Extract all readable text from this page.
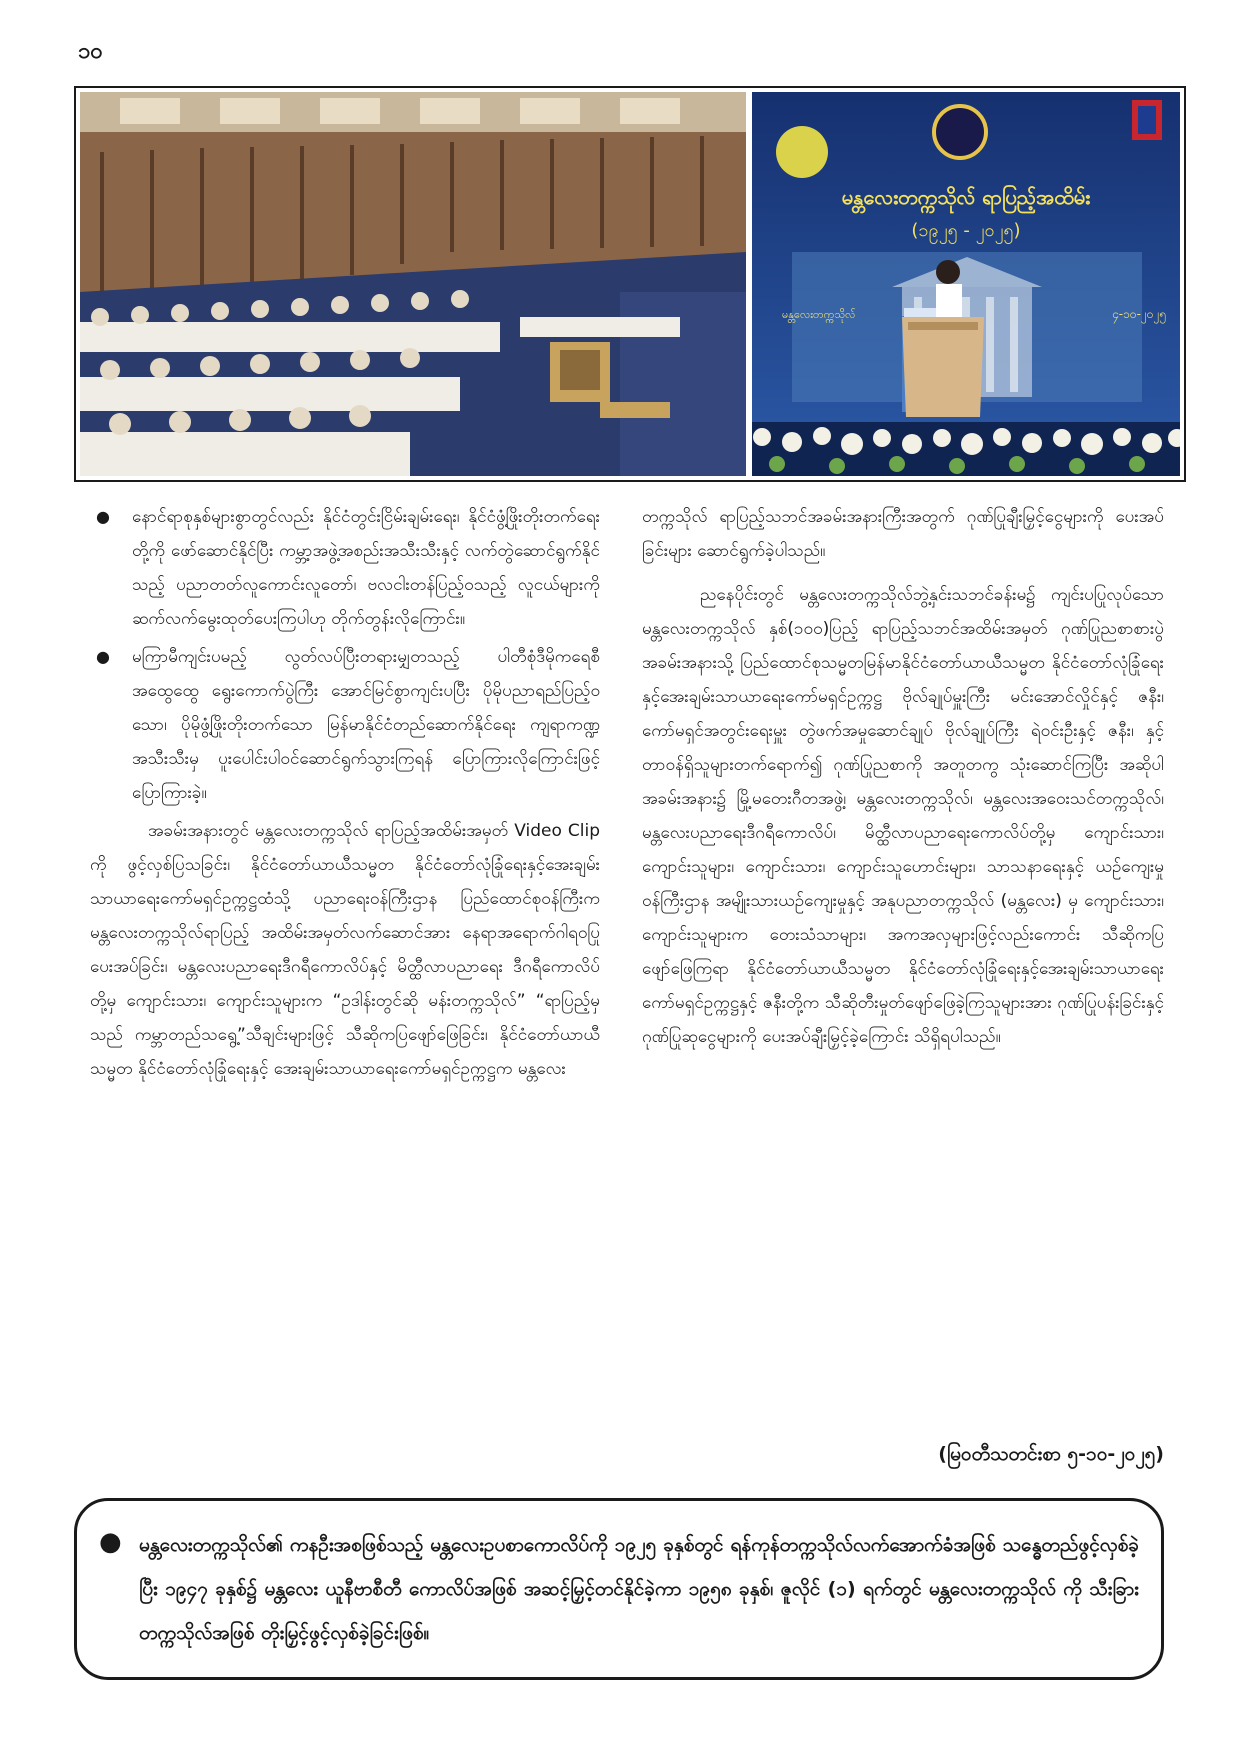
၁၀
မန္တလေးတက္ကသိုလ် ရာပြည့်အထိမ်း
(၁၉၂၅ - ၂၀၂၅)
မန္တလေးတက္ကသိုလ်	၄-၁၀-၂၀၂၅
● နောင်ရာစုနှစ်များစွာတွင်လည်း နိုင်ငံတွင်းငြိမ်းချမ်းရေး၊ နိုင်ငံဖွံ့ဖြိုးတိုးတက်ရေးတို့ကို ဖော်ဆောင်နိုင်ပြီး ကမ္ဘာ့အဖွဲ့အစည်းအသီးသီးနှင့် လက်တွဲဆောင်ရွက်နိုင်သည့် ပညာတတ်လူကောင်းလူတော်၊ ဗလငါးတန်ပြည့်ဝသည့် လူငယ်များကို ဆက်လက်မွေးထုတ်ပေးကြပါဟု တိုက်တွန်းလိုကြောင်း။
● မကြာမီကျင်းပမည့် လွတ်လပ်ပြီးတရားမျှတသည့် ပါတီစုံဒီမိုကရေစီ အထွေထွေ ရွေးကောက်ပွဲကြီး အောင်မြင်စွာကျင်းပပြီး ပိုမိုပညာရည်ပြည့်ဝသော၊ ပိုမိုဖွံ့ဖြိုးတိုးတက်သော မြန်မာနိုင်ငံတည်ဆောက်နိုင်ရေး ကျရာကဏ္ဍ အသီးသီးမှ ပူးပေါင်းပါဝင်ဆောင်ရွက်သွားကြရန် ပြောကြားလိုကြောင်းဖြင့်ပြောကြားခဲ့။

အခမ်းအနားတွင် မန္တလေးတက္ကသိုလ် ရာပြည့်အထိမ်းအမှတ် Video Clip ကို ဖွင့်လှစ်ပြသခြင်း၊ နိုင်ငံတော်ယာယီသမ္မတ နိုင်ငံတော်လုံခြုံရေးနှင့်အေးချမ်းသာယာရေးကော်မရှင်ဥက္ကဋ္ဌထံသို့ ပညာရေးဝန်ကြီးဌာန ပြည်ထောင်စုဝန်ကြီးက မန္တလေးတက္ကသိုလ်ရာပြည့် အထိမ်းအမှတ်လက်ဆောင်အား နေရာအရောက်ဂါရဝပြုပေးအပ်ခြင်း၊ မန္တလေးပညာရေးဒီဂရီကောလိပ်နှင့် မိတ္ထီလာပညာရေး ဒီဂရီကောလိပ်တို့မှ ကျောင်းသား၊ ကျောင်းသူများက “ဥဒါန်းတွင်ဆို မန်းတက္ကသိုလ်” “ရာပြည့်မှသည် ကမ္ဘာတည်သရွေ့”သီချင်းများဖြင့် သီဆိုကပြဖျော်ဖြေခြင်း၊ နိုင်ငံတော်ယာယီသမ္မတ နိုင်ငံတော်လုံခြုံရေးနှင့် အေးချမ်းသာယာရေးကော်မရှင်ဥက္ကဋ္ဌက မန္တလေး

တက္ကသိုလ် ရာပြည့်သဘင်အခမ်းအနားကြီးအတွက် ဂုဏ်ပြုချီးမြှင့်ငွေများကို ပေးအပ်ခြင်းများ ဆောင်ရွက်ခဲ့ပါသည်။

ညနေပိုင်းတွင် မန္တလေးတက္ကသိုလ်ဘွဲ့နှင်းသဘင်ခန်းမ၌ ကျင်းပပြုလုပ်သော မန္တလေးတက္ကသိုလ် နှစ်(၁၀၀)ပြည့် ရာပြည့်သဘင်အထိမ်းအမှတ် ဂုဏ်ပြုညစာစားပွဲအခမ်းအနားသို့ ပြည်ထောင်စုသမ္မတမြန်မာနိုင်ငံတော်ယာယီသမ္မတ နိုင်ငံတော်လုံခြုံရေးနှင့်အေးချမ်းသာယာရေးကော်မရှင်ဥက္ကဋ္ဌ ဗိုလ်ချုပ်မှူးကြီး မင်းအောင်လှိုင်နှင့် ဇနီး၊ ကော်မရှင်အတွင်းရေးမှူး တွဲဖက်အမှုဆောင်ချုပ် ဗိုလ်ချုပ်ကြီး ရဲဝင်းဦးနှင့် ဇနီး၊ နှင့် တာဝန်ရှိသူများတက်ရောက်၍ ဂုဏ်ပြုညစာကို အတူတကွ သုံးဆောင်ကြပြီး အဆိုပါအခမ်းအနား၌ မြို့မတေးဂီတအဖွဲ့၊ မန္တလေးတက္ကသိုလ်၊ မန္တလေးအဝေးသင်တက္ကသိုလ်၊ မန္တလေးပညာရေးဒီဂရီကောလိပ်၊ မိတ္ထီလာပညာရေးကောလိပ်တို့မှ ကျောင်းသား၊ ကျောင်းသူများ၊ ကျောင်းသား၊ ကျောင်းသူဟောင်းများ၊ သာသနာရေးနှင့် ယဉ်ကျေးမှုဝန်ကြီးဌာန အမျိုးသားယဉ်ကျေးမှုနှင့် အနုပညာတက္ကသိုလ် (မန္တလေး) မှ ကျောင်းသား၊ ကျောင်းသူများက တေးသံသာများ၊ အကအလှများဖြင့်လည်းကောင်း သီဆိုကပြဖျော်ဖြေကြရာ နိုင်ငံတော်ယာယီသမ္မတ နိုင်ငံတော်လုံခြုံရေးနှင့်အေးချမ်းသာယာရေးကော်မရှင်ဥက္ကဋ္ဌနှင့် ဇနီးတို့က သီဆိုတီးမှုတ်ဖျော်ဖြေခဲ့ကြသူများအား ဂုဏ်ပြုပန်းခြင်းနှင့် ဂုဏ်ပြုဆုငွေများကို ပေးအပ်ချီးမြှင့်ခဲ့ကြောင်း သိရှိရပါသည်။

(မြဝတီသတင်းစာ ၅-၁၀-၂၀၂၅)
● မန္တလေးတက္ကသိုလ်၏ ကနဦးအစဖြစ်သည့် မန္တလေးဥပစာကောလိပ်ကို ၁၉၂၅ ခုနှစ်တွင် ရန်ကုန်တက္ကသိုလ်လက်အောက်ခံအဖြစ် သန္ဓေတည်ဖွင့်လှစ်ခဲ့ပြီး ၁၉၄၇ ခုနှစ်၌ မန္တလေး ယူနီဗာစီတီ ကောလိပ်အဖြစ် အဆင့်မြှင့်တင်နိုင်ခဲ့ကာ ၁၉၅၈ ခုနှစ်၊ ဇူလိုင် (၁) ရက်တွင် မန္တလေးတက္ကသိုလ် ကို သီးခြားတက္ကသိုလ်အဖြစ် တိုးမြှင့်ဖွင့်လှစ်ခဲ့ခြင်းဖြစ်။
